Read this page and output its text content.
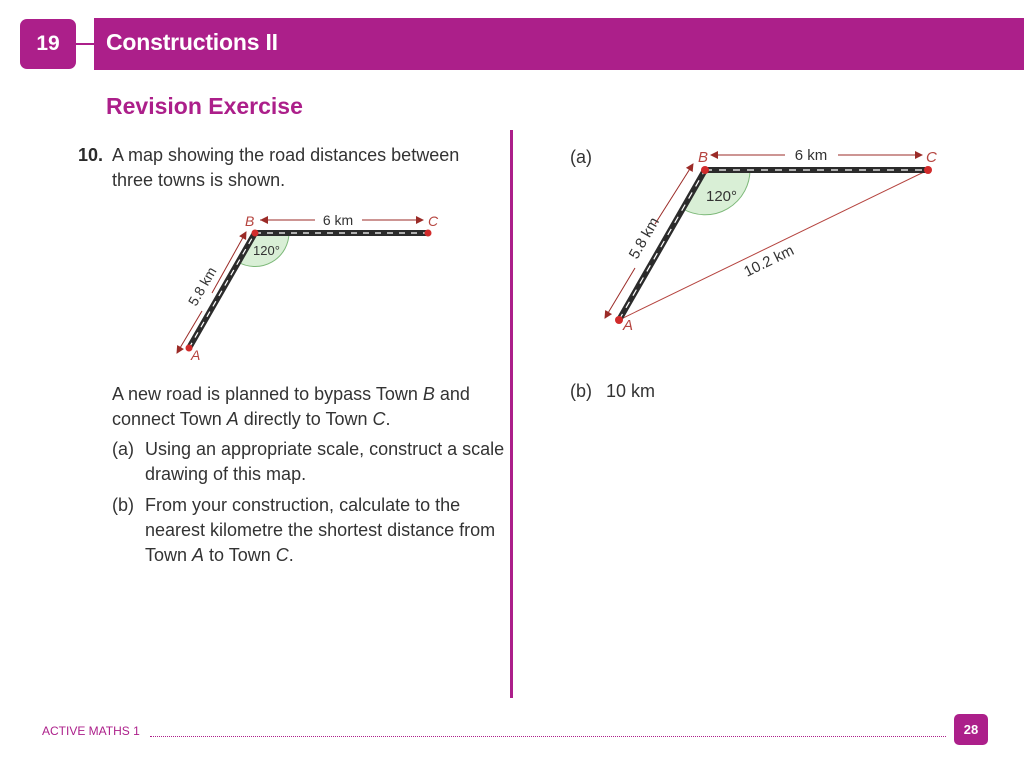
19	Constructions II
Revision Exercise
10. A map showing the road distances between three towns is shown.
6 km
5.8 km
120°
B	C
A
A new road is planned to bypass Town B and connect Town A directly to Town C.
(a) Using an appropriate scale, construct a scale drawing of this map.
(b) From your construction, calculate to the nearest kilometre the shortest distance from Town A to Town C.
(a)	6 km
5.8 km
120°
10.2 km
B	C
A
(b) 10 km
ACTIVE MATHS 1	28
